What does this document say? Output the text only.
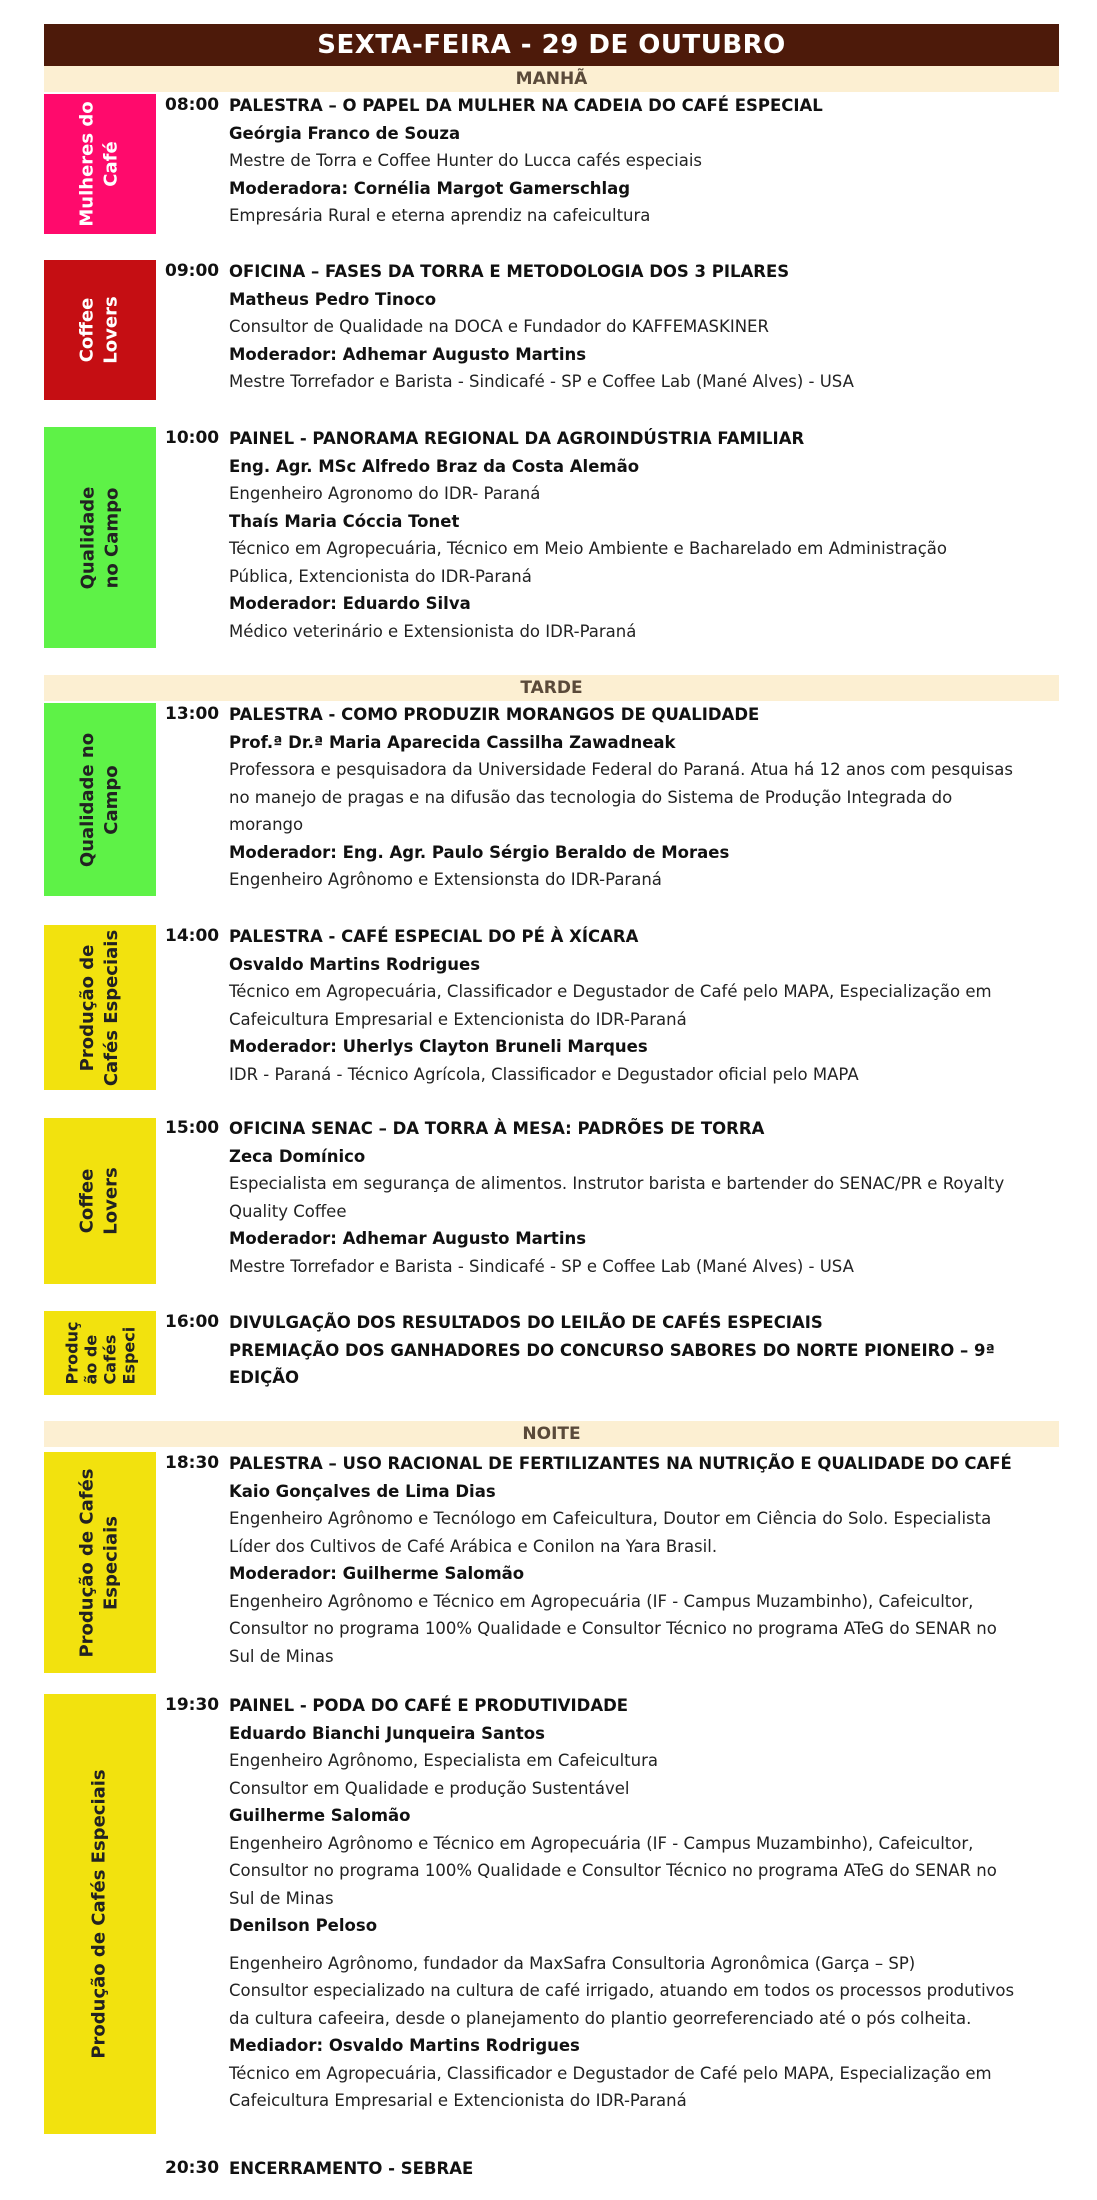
SEXTA-FEIRA - 29 DE OUTUBRO
MANHÃ
TARDE
NOITE
Mulheres do
Café
08:00 PALESTRA – O PAPEL DA MULHER NA CADEIA DO CAFÉ ESPECIAL
Geórgia Franco de Souza
Mestre de Torra e Coffee Hunter do Lucca cafés especiais
Moderadora: Cornélia Margot Gamerschlag
Empresária Rural e eterna aprendiz na cafeicultura
Coffee
Lovers
09:00 OFICINA – FASES DA TORRA E METODOLOGIA DOS 3 PILARES
Matheus Pedro Tinoco
Consultor de Qualidade na DOCA e Fundador do KAFFEMASKINER
Moderador: Adhemar Augusto Martins
Mestre Torrefador e Barista - Sindicafé - SP e Coffee Lab (Mané Alves) - USA
Qualidade
no Campo
10:00 PAINEL - PANORAMA REGIONAL DA AGROINDÚSTRIA FAMILIAR
Eng. Agr. MSc Alfredo Braz da Costa Alemão
Engenheiro Agronomo do IDR- Paraná
Thaís Maria Cóccia Tonet
Técnico em Agropecuária, Técnico em Meio Ambiente e Bacharelado em Administração
Pública, Extencionista do IDR-Paraná
Moderador: Eduardo Silva
Médico veterinário e Extensionista do IDR-Paraná
Qualidade no
Campo
13:00 PALESTRA - COMO PRODUZIR MORANGOS DE QUALIDADE
Prof.ª Dr.ª Maria Aparecida Cassilha Zawadneak
Professora e pesquisadora da Universidade Federal do Paraná. Atua há 12 anos com pesquisas
no manejo de pragas e na difusão das tecnologia do Sistema de Produção Integrada do
morango
Moderador: Eng. Agr. Paulo Sérgio Beraldo de Moraes
Engenheiro Agrônomo e Extensionsta do IDR-Paraná
Produção de
Cafés Especiais	14:00 PALESTRA - CAFÉ ESPECIAL DO PÉ À XÍCARA
Osvaldo Martins Rodrigues
Técnico em Agropecuária, Classificador e Degustador de Café pelo MAPA, Especialização em
Cafeicultura Empresarial e Extencionista do IDR-Paraná
Moderador: Uherlys Clayton Bruneli Marques
IDR - Paraná - Técnico Agrícola, Classificador e Degustador oficial pelo MAPA
Coffee
Lovers
15:00 OFICINA SENAC – DA TORRA À MESA: PADRÕES DE TORRA
Zeca Domínico
Especialista em segurança de alimentos. Instrutor barista e bartender do SENAC/PR e Royalty
Quality Coffee
Moderador: Adhemar Augusto Martins
Mestre Torrefador e Barista - Sindicafé - SP e Coffee Lab (Mané Alves) - USA
Produç
ão de
Cafés
Especi
16:00 DIVULGAÇÃO DOS RESULTADOS DO LEILÃO DE CAFÉS ESPECIAIS
PREMIAÇÃO DOS GANHADORES DO CONCURSO SABORES DO NORTE PIONEIRO – 9ª
EDIÇÃO
Produção de Cafés
Especiais
18:30 PALESTRA – USO RACIONAL DE FERTILIZANTES NA NUTRIÇÃO E QUALIDADE DO CAFÉ
Kaio Gonçalves de Lima Dias
Engenheiro Agrônomo e Tecnólogo em Cafeicultura, Doutor em Ciência do Solo. Especialista
Líder dos Cultivos de Café Arábica e Conilon na Yara Brasil.
Moderador: Guilherme Salomão
Engenheiro Agrônomo e Técnico em Agropecuária (IF - Campus Muzambinho), Cafeicultor,
Consultor no programa 100% Qualidade e Consultor Técnico no programa ATeG do SENAR no
Sul de Minas
Produção de Cafés Especiais
19:30 PAINEL - PODA DO CAFÉ E PRODUTIVIDADE
Eduardo Bianchi Junqueira Santos
Engenheiro Agrônomo, Especialista em Cafeicultura
Consultor em Qualidade e produção Sustentável
Guilherme Salomão
Engenheiro Agrônomo e Técnico em Agropecuária (IF - Campus Muzambinho), Cafeicultor,
Consultor no programa 100% Qualidade e Consultor Técnico no programa ATeG do SENAR no
Sul de Minas
Denilson Peloso
Engenheiro Agrônomo, fundador da MaxSafra Consultoria Agronômica (Garça – SP)
Consultor especializado na cultura de café irrigado, atuando em todos os processos produtivos
da cultura cafeeira, desde o planejamento do plantio georreferenciado até o pós colheita.
Mediador: Osvaldo Martins Rodrigues
Técnico em Agropecuária, Classificador e Degustador de Café pelo MAPA, Especialização em
Cafeicultura Empresarial e Extencionista do IDR-Paraná
20:30 ENCERRAMENTO - SEBRAE
